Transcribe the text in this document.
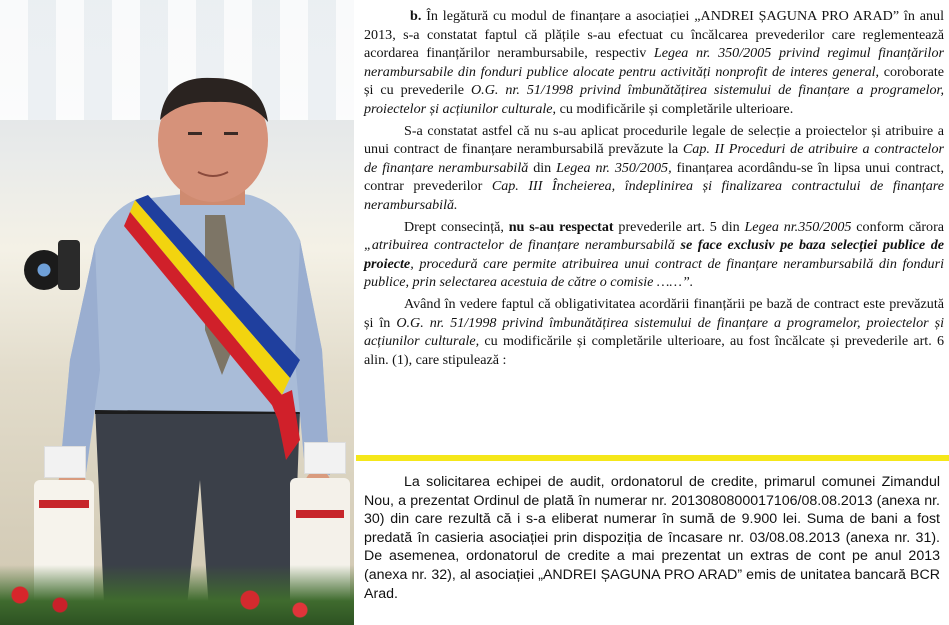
b. În legătură cu modul de finanțare a asociației „ANDREI ȘAGUNA PRO ARAD” în anul 2013, s-a constatat faptul că plățile s-au efectuat cu încălcarea prevederilor care reglementează acordarea finanțărilor nerambursabile, respectiv Legea nr. 350/2005 privind regimul finanțărilor nerambursabile din fonduri publice alocate pentru activități nonprofit de interes general, coroborate și cu prevederile O.G. nr. 51/1998 privind îmbunătățirea sistemului de finanțare a programelor, proiectelor și acțiunilor culturale, cu modificările și completările ulterioare.

S-a constatat astfel că nu s-au aplicat procedurile legale de selecție a proiectelor și atribuire a unui contract de finanțare nerambursabilă prevăzute la Cap. II Proceduri de atribuire a contractelor de finanțare nerambursabilă din Legea nr. 350/2005, finanțarea acordându-se în lipsa unui contract, contrar prevederilor Cap. III Încheierea, îndeplinirea și finalizarea contractului de finanțare nerambursabilă.

Drept consecință, nu s-au respectat prevederile art. 5 din Legea nr.350/2005 conform cărora „atribuirea contractelor de finanțare nerambursabilă se face exclusiv pe baza selecției publice de proiecte, procedură care permite atribuirea unui contract de finanțare nerambursabilă din fonduri publice, prin selectarea acestuia de către o comisie ……”.

Având în vedere faptul că obligativitatea acordării finanțării pe bază de contract este prevăzută și în O.G. nr. 51/1998 privind îmbunătățirea sistemului de finanțare a programelor, proiectelor și acțiunilor culturale, cu modificările și completările ulterioare, au fost încălcate și prevederile art. 6 alin. (1), care stipulează :

La solicitarea echipei de audit, ordonatorul de credite, primarul comunei Zimandul Nou, a prezentat Ordinul de plată în numerar nr. 2013080800017106/08.08.2013 (anexa nr. 30) din care rezultă că i s-a eliberat numerar în sumă de 9.900 lei. Suma de bani a fost predată în casieria asociației prin dispoziția de încasare nr. 03/08.08.2013 (anexa nr. 31). De asemenea, ordonatorul de credite a mai prezentat un extras de cont pe anul 2013 (anexa nr. 32), al asociației „ANDREI ȘAGUNA PRO ARAD” emis de unitatea bancară BCR Arad.
